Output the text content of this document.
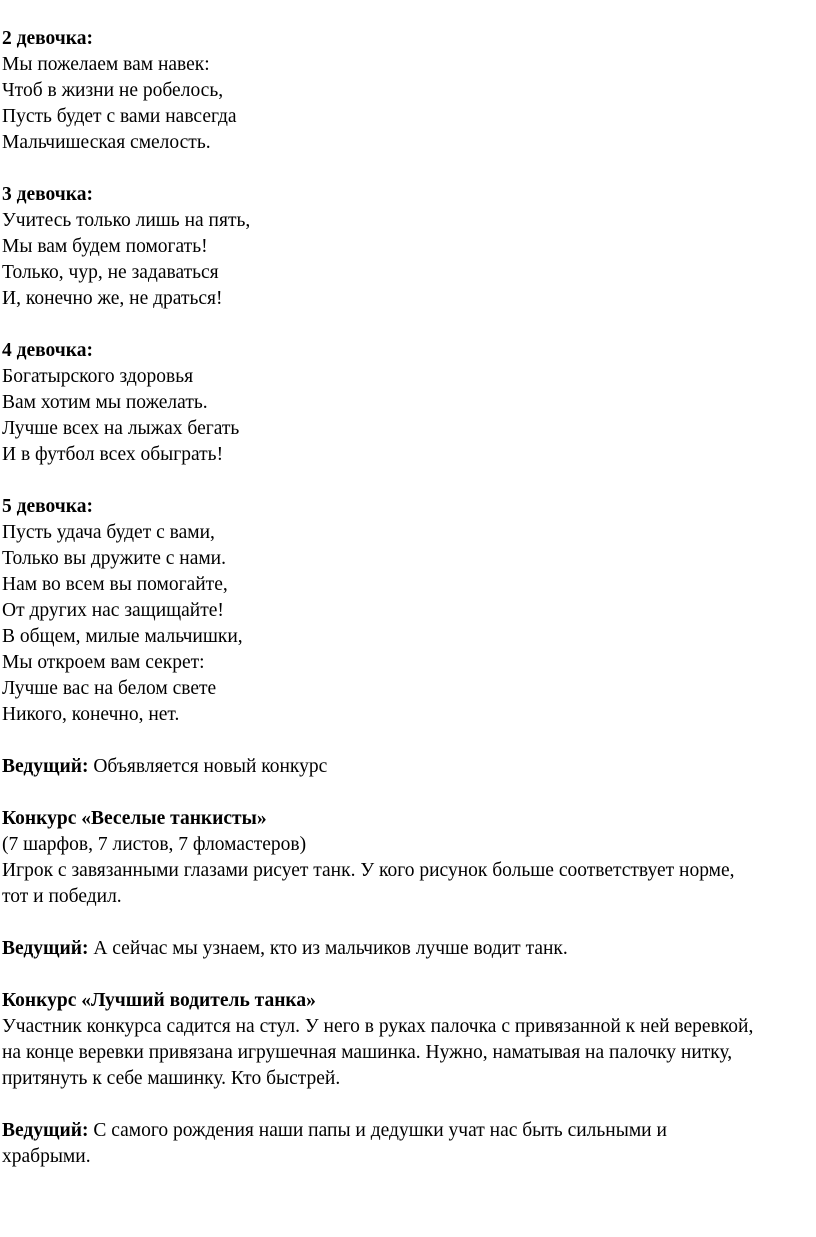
2 девочка:
Мы пожелаем вам навек:
Чтоб в жизни не робелось,
Пусть будет с вами навсегда
Мальчишеская смелость.
3 девочка:
Учитесь только лишь на пять,
Мы вам будем помогать!
Только, чур, не задаваться
И, конечно же, не драться!
4 девочка:
Богатырского здоровья
Вам хотим мы пожелать.
Лучше всех на лыжах бегать
И в футбол всех обыграть!
5 девочка:
Пусть удача будет с вами,
Только вы дружите с нами.
Нам во всем вы помогайте,
От других нас защищайте!
В общем, милые мальчишки,
Мы откроем вам секрет:
Лучше вас на белом свете
Никого, конечно, нет.
Ведущий: Объявляется новый конкурс
Конкурс «Веселые танкисты»
(7 шарфов, 7 листов, 7 фломастеров)
Игрок с завязанными глазами рисует танк. У кого рисунок больше соответствует норме,
тот и победил.
Ведущий: А сейчас мы узнаем, кто из мальчиков лучше водит танк.
Конкурс «Лучший водитель танка»
Участник конкурса садится на стул. У него в руках палочка с привязанной к ней веревкой,
на конце веревки привязана игрушечная машинка. Нужно, наматывая на палочку нитку,
притянуть к себе машинку. Кто быстрей.
Ведущий: С самого рождения наши папы и дедушки учат нас быть сильными и
храбрыми.
